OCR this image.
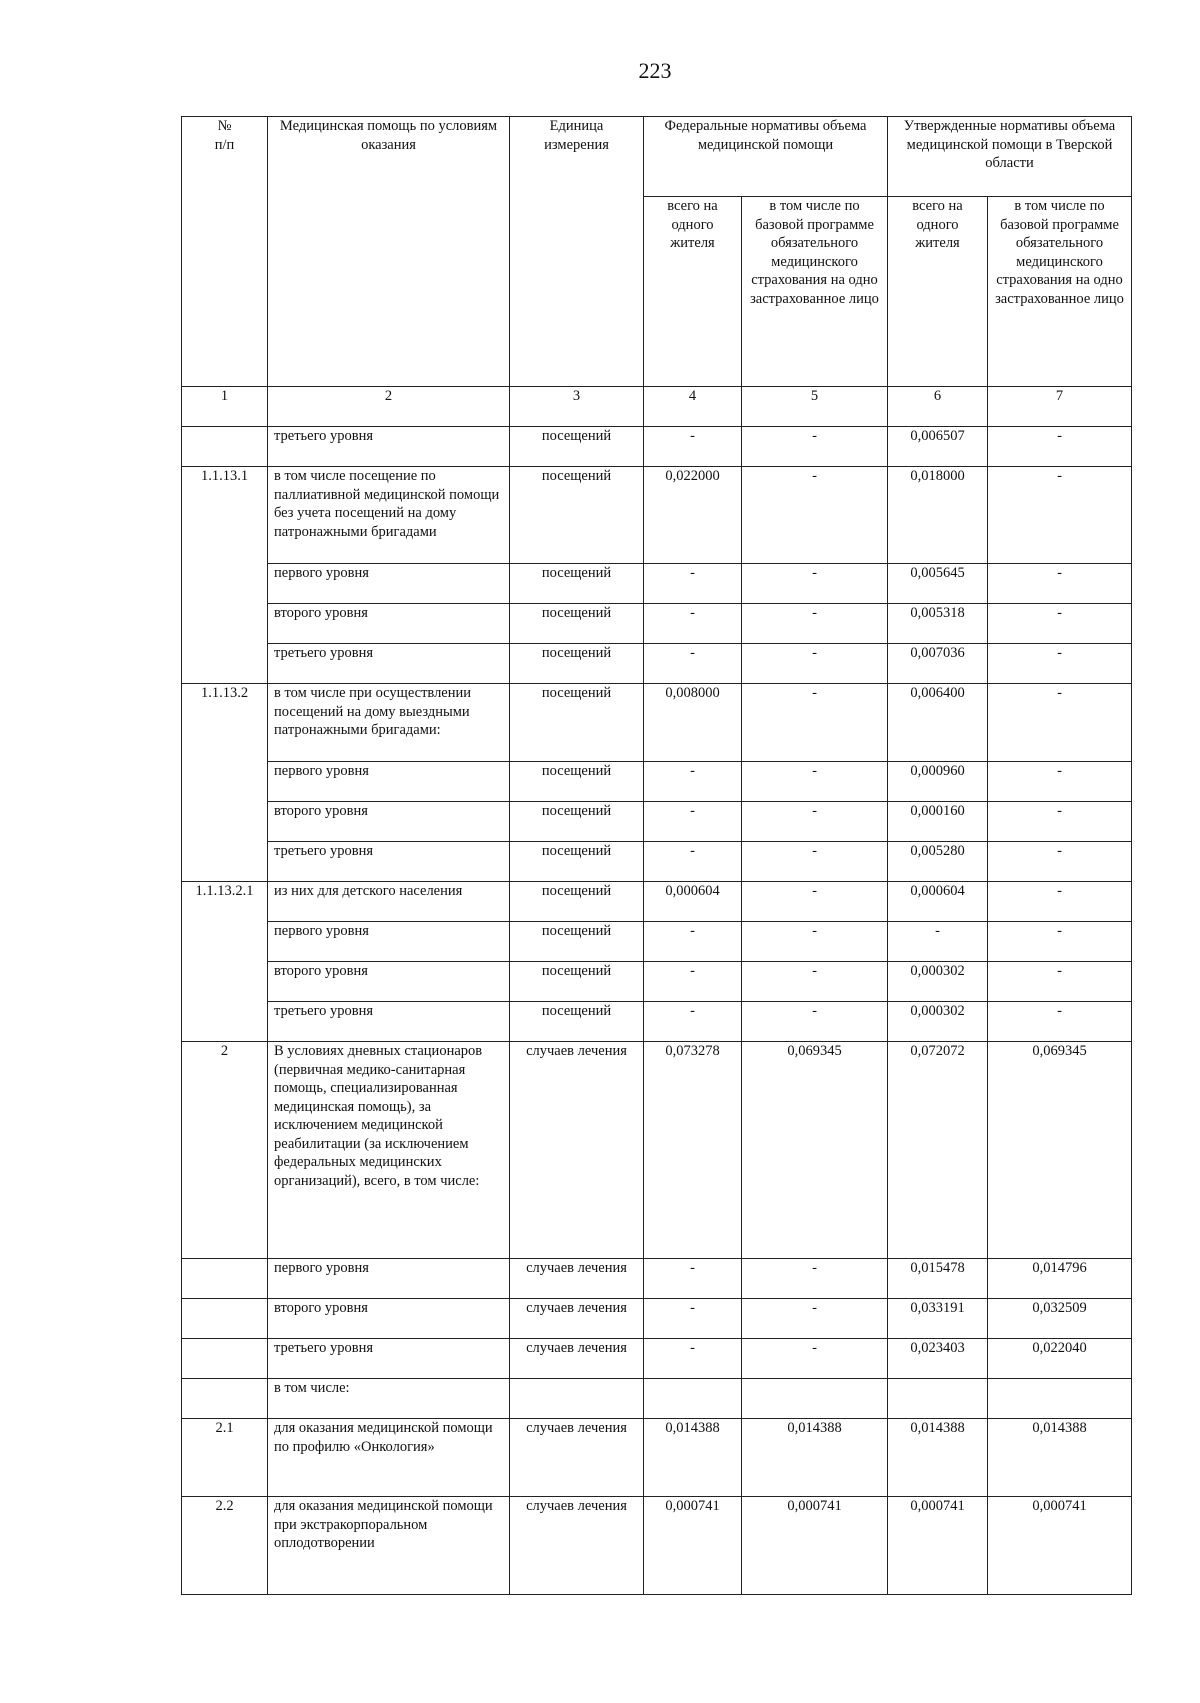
223
№
п/п	Медицинская помощь по условиям оказания	Единица измерения	Федеральные нормативы объема медицинской помощи		Утвержденные нормативы объема медицинской помощи в Тверской области	
			всего на одного жителя	в том числе по базовой программе обязательного медицинского страхования на одно застрахованное лицо	всего на одного жителя	в том числе по базовой программе обязательного медицинского страхования на одно застрахованное лицо
1	2	3	4	5	6	7
	третьего уровня	посещений	-	-	0,006507	-
1.1.13.1	в том числе посещение по паллиативной медицинской помощи без учета посещений на дому патронажными бригадами	посещений	0,022000	-	0,018000	-
	первого уровня	посещений	-	-	0,005645	-
	второго уровня	посещений	-	-	0,005318	-
	третьего уровня	посещений	-	-	0,007036	-
1.1.13.2	в том числе при осуществлении посещений на дому выездными патронажными бригадами:	посещений	0,008000	-	0,006400	-
	первого уровня	посещений	-	-	0,000960	-
	второго уровня	посещений	-	-	0,000160	-
	третьего уровня	посещений	-	-	0,005280	-
1.1.13.2.1	из них для детского населения	посещений	0,000604	-	0,000604	-
	первого уровня	посещений	-	-	-	-
	второго уровня	посещений	-	-	0,000302	-
	третьего уровня	посещений	-	-	0,000302	-
2	В условиях дневных стационаров (первичная медико-санитарная помощь, специализированная медицинская помощь), за исключением медицинской реабилитации (за исключением федеральных медицинских организаций), всего, в том числе:	случаев лечения	0,073278	0,069345	0,072072	0,069345
	первого уровня	случаев лечения	-	-	0,015478	0,014796
	второго уровня	случаев лечения	-	-	0,033191	0,032509
	третьего уровня	случаев лечения	-	-	0,023403	0,022040
	в том числе:					
2.1	для оказания медицинской помощи по профилю «Онкология»	случаев лечения	0,014388	0,014388	0,014388	0,014388
2.2	для оказания медицинской помощи при экстракорпоральном оплодотворении	случаев лечения	0,000741	0,000741	0,000741	0,000741
